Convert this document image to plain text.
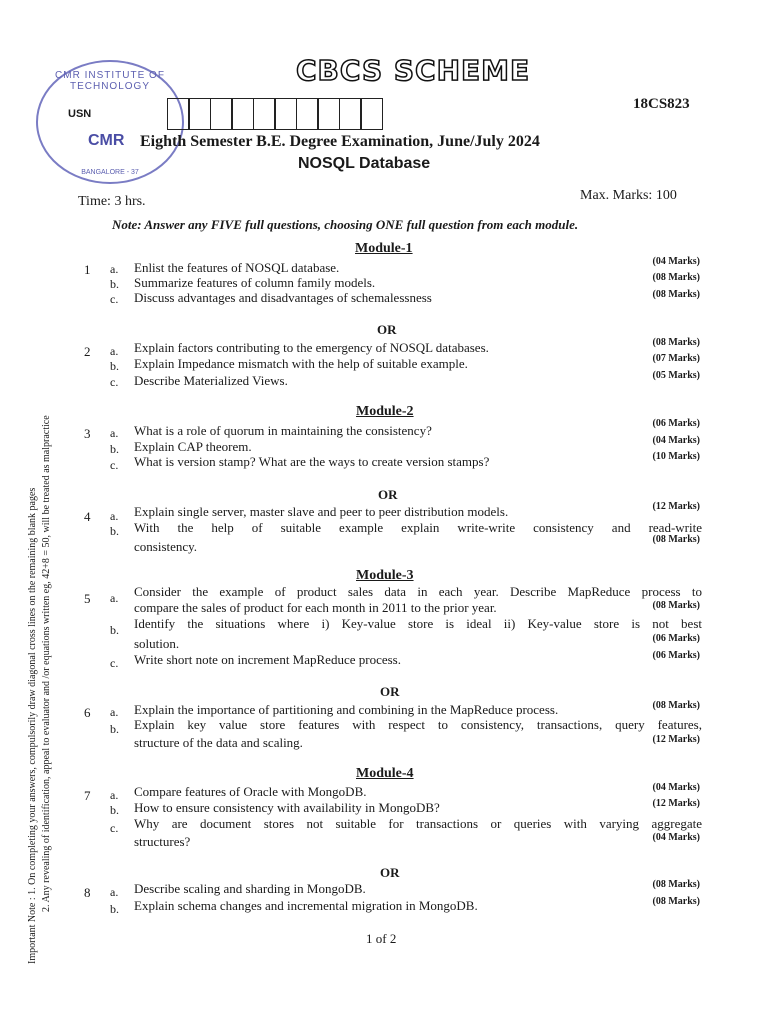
CMR INSTITUTE OF TECHNOLOGY
CMR
BANGALORE - 37
USN
CBCS SCHEME
18CS823
Eighth Semester B.E. Degree Examination, June/July 2024
NOSQL Database
Time: 3 hrs.	Max. Marks: 100
Note: Answer any FIVE full questions, choosing ONE full question from each module.
Important Note : 1. On completing your answers, compulsorily draw diagonal cross lines on the remaining blank pages 2. Any revealing of identification, appeal to evaluator and /or equations written eg, 42+8 = 50, will be treated as malpractice
Module-1
1 a. Enlist the features of NOSQL database.	(04 Marks)
b. Summarize features of column family models.	(08 Marks)
c. Discuss advantages and disadvantages of schemalessness	(08 Marks)
OR
2 a. Explain factors contributing to the emergency of NOSQL databases.	(08 Marks)
b. Explain Impedance mismatch with the help of suitable example.	(07 Marks)
c. Describe Materialized Views.	(05 Marks)
Module-2
3 a. What is a role of quorum in maintaining the consistency?	(06 Marks)
b. Explain CAP theorem.	(04 Marks)
c. What is version stamp? What are the ways to create version stamps?	(10 Marks)
OR
4 a. Explain single server, master slave and peer to peer distribution models.	(12 Marks)
b. With the help of suitable example explain write-write consistency and read-write
consistency.	(08 Marks)
Module-3
5 a. Consider the example of product sales data in each year. Describe MapReduce process to
compare the sales of product for each month in 2011 to the prior year.	(08 Marks)
b. Identify the situations where i) Key-value store is ideal ii) Key-value store is not best
solution.	(06 Marks)
c. Write short note on increment MapReduce process.	(06 Marks)
OR
6 a. Explain the importance of partitioning and combining in the MapReduce process.	(08 Marks)
b. Explain key value store features with respect to consistency, transactions, query features,
structure of the data and scaling.	(12 Marks)
Module-4
7 a. Compare features of Oracle with MongoDB.	(04 Marks)
b. How to ensure consistency with availability in MongoDB?	(12 Marks)
c. Why are document stores not suitable for transactions or queries with varying aggregate
structures?	(04 Marks)
OR
8 a. Describe scaling and sharding in MongoDB.	(08 Marks)
b. Explain schema changes and incremental migration in MongoDB.	(08 Marks)
1 of 2
